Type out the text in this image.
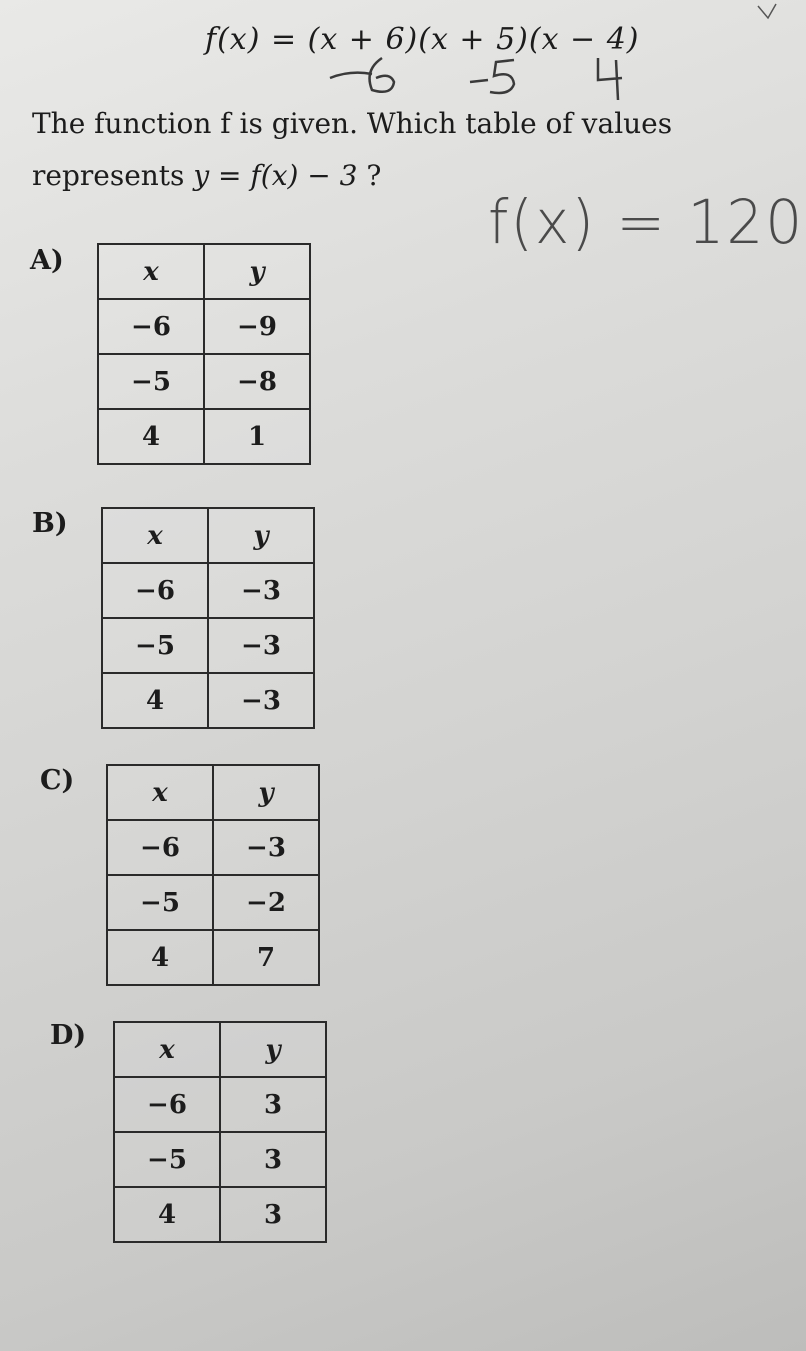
f(x) = (x + 6)(x + 5)(x − 4)
f(x) = 120
The function f is given. Which table of values
represents y = f(x) − 3 ?
A)	x	y
−6	−9
−5	−8
4	1
B)	x	y
−6	−3
−5	−3
4	−3
C)	x	y
−6	−3
−5	−2
4	7
D)	x	y
−6	3
−5	3
4	3
